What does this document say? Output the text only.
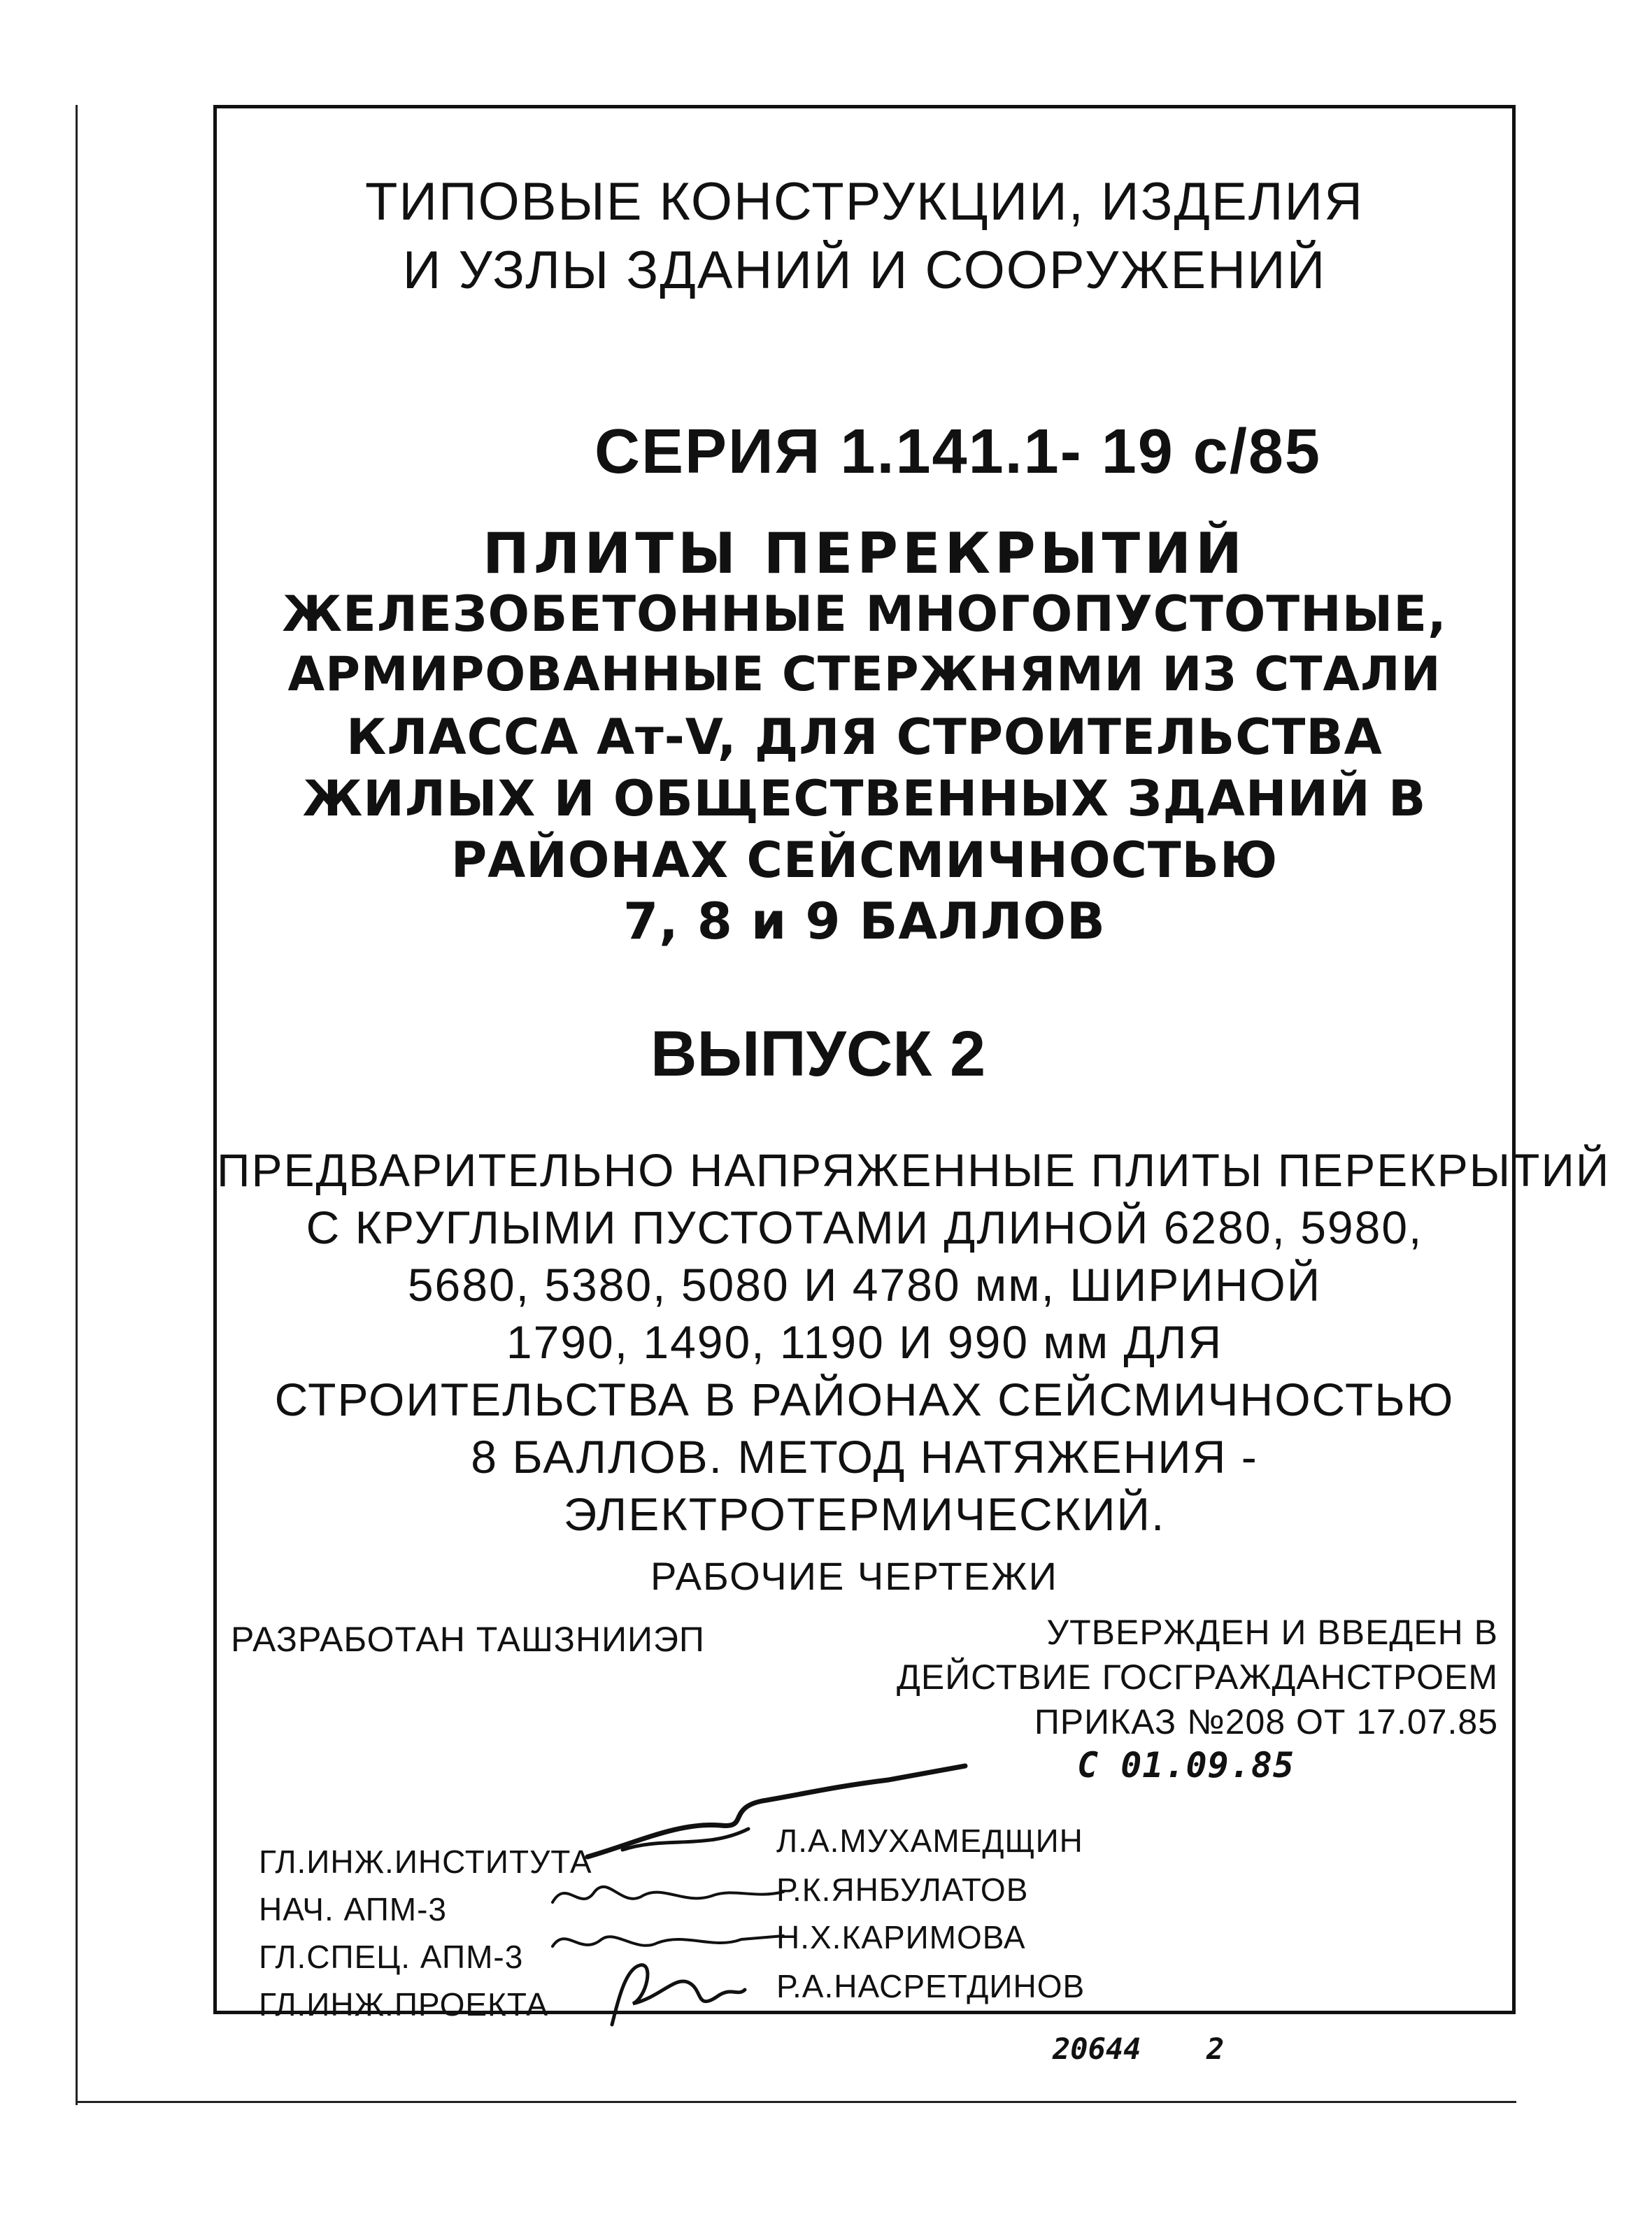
ТИПОВЫЕ КОНСТРУКЦИИ, ИЗДЕЛИЯ
И УЗЛЫ ЗДАНИЙ И СООРУЖЕНИЙ
СЕРИЯ 1.141.1- 19 с/85
ПЛИТЫ ПЕРЕКРЫТИЙ
ЖЕЛЕЗОБЕТОННЫЕ МНОГОПУСТОТНЫЕ,
АРМИРОВАННЫЕ СТЕРЖНЯМИ ИЗ СТАЛИ
КЛАССА Ат-V, ДЛЯ СТРОИТЕЛЬСТВА
ЖИЛЫХ И ОБЩЕСТВЕННЫХ ЗДАНИЙ В
РАЙОНАХ СЕЙСМИЧНОСТЬЮ
7, 8 и 9 БАЛЛОВ
ВЫПУСК 2
ПРЕДВАРИТЕЛЬНО НАПРЯЖЕННЫЕ ПЛИТЫ ПЕРЕКРЫТИЙ
С КРУГЛЫМИ ПУСТОТАМИ ДЛИНОЙ 6280, 5980,
5680, 5380, 5080 И 4780 мм, ШИРИНОЙ
1790, 1490, 1190 И 990 мм ДЛЯ
СТРОИТЕЛЬСТВА В РАЙОНАХ СЕЙСМИЧНОСТЬЮ
8 БАЛЛОВ. МЕТОД НАТЯЖЕНИЯ -
ЭЛЕКТРОТЕРМИЧЕСКИЙ.
РАБОЧИЕ ЧЕРТЕЖИ
РАЗРАБОТАН ТАШЗНИИЭП	УТВЕРЖДЕН И ВВЕДЕН В
ДЕЙСТВИЕ ГОСГРАЖДАНСТРОЕМ
ПРИКАЗ №208 ОТ 17.07.85
С 01.09.85
ГЛ.ИНЖ.ИНСТИТУТА
Л.А.МУХАМЕДЩИН
НАЧ. АПМ-3
Р.К.ЯНБУЛАТОВ
ГЛ.СПЕЦ. АПМ-3
Н.Х.КАРИМОВА
ГЛ.ИНЖ.ПРОЕКТА	Р.А.НАСРЕТДИНОВ
20644 2
